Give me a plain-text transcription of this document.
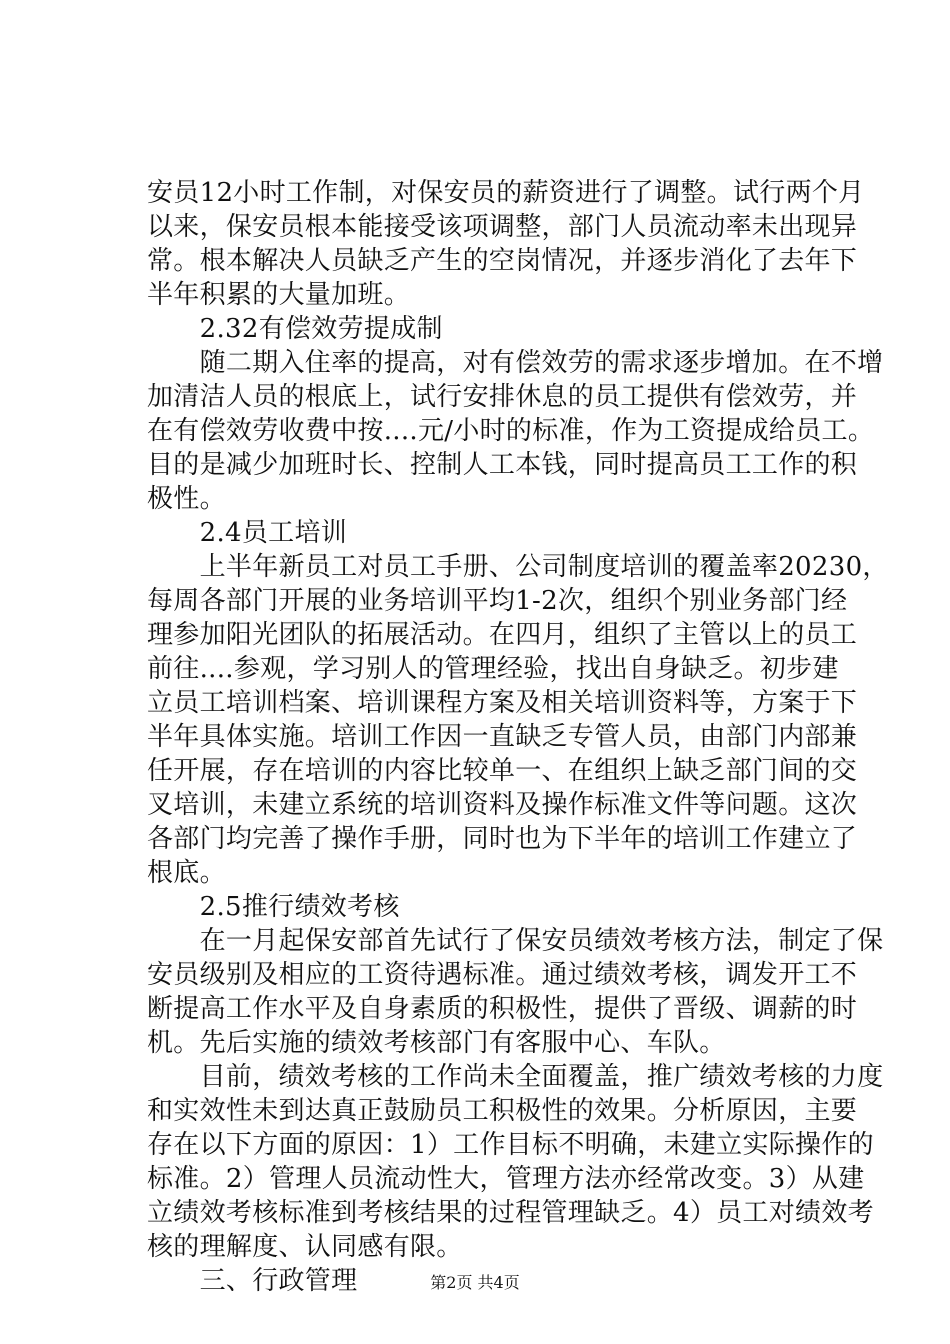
安员12小时工作制，对保安员的薪资进行了调整。试行两个月
以来，保安员根本能接受该项调整，部门人员流动率未出现异
常。根本解决人员缺乏产生的空岗情况，并逐步消化了去年下
半年积累的大量加班。
　　2.32有偿效劳提成制
　　随二期入住率的提高，对有偿效劳的需求逐步增加。在不增
加清洁人员的根底上，试行安排休息的员工提供有偿效劳，并
在有偿效劳收费中按....元/小时的标准，作为工资提成给员工。
目的是减少加班时长、控制人工本钱，同时提高员工工作的积
极性。
　　2.4员工培训
　　上半年新员工对员工手册、公司制度培训的覆盖率20230，
每周各部门开展的业务培训平均1-2次，组织个别业务部门经
理参加阳光团队的拓展活动。在四月，组织了主管以上的员工
前往....参观，学习别人的管理经验，找出自身缺乏。初步建
立员工培训档案、培训课程方案及相关培训资料等，方案于下
半年具体实施。培训工作因一直缺乏专管人员，由部门内部兼
任开展，存在培训的内容比较单一、在组织上缺乏部门间的交
叉培训，未建立系统的培训资料及操作标准文件等问题。这次
各部门均完善了操作手册，同时也为下半年的培训工作建立了
根底。
　　2.5推行绩效考核
　　在一月起保安部首先试行了保安员绩效考核方法，制定了保
安员级别及相应的工资待遇标准。通过绩效考核，调发开工不
断提高工作水平及自身素质的积极性，提供了晋级、调薪的时
机。先后实施的绩效考核部门有客服中心、车队。
　　目前，绩效考核的工作尚未全面覆盖，推广绩效考核的力度
和实效性未到达真正鼓励员工积极性的效果。分析原因，主要
存在以下方面的原因：1）工作目标不明确，未建立实际操作的
标准。2）管理人员流动性大，管理方法亦经常改变。3）从建
立绩效考核标准到考核结果的过程管理缺乏。4）员工对绩效考
核的理解度、认同感有限。
第2页 共4页
　　三、行政管理
